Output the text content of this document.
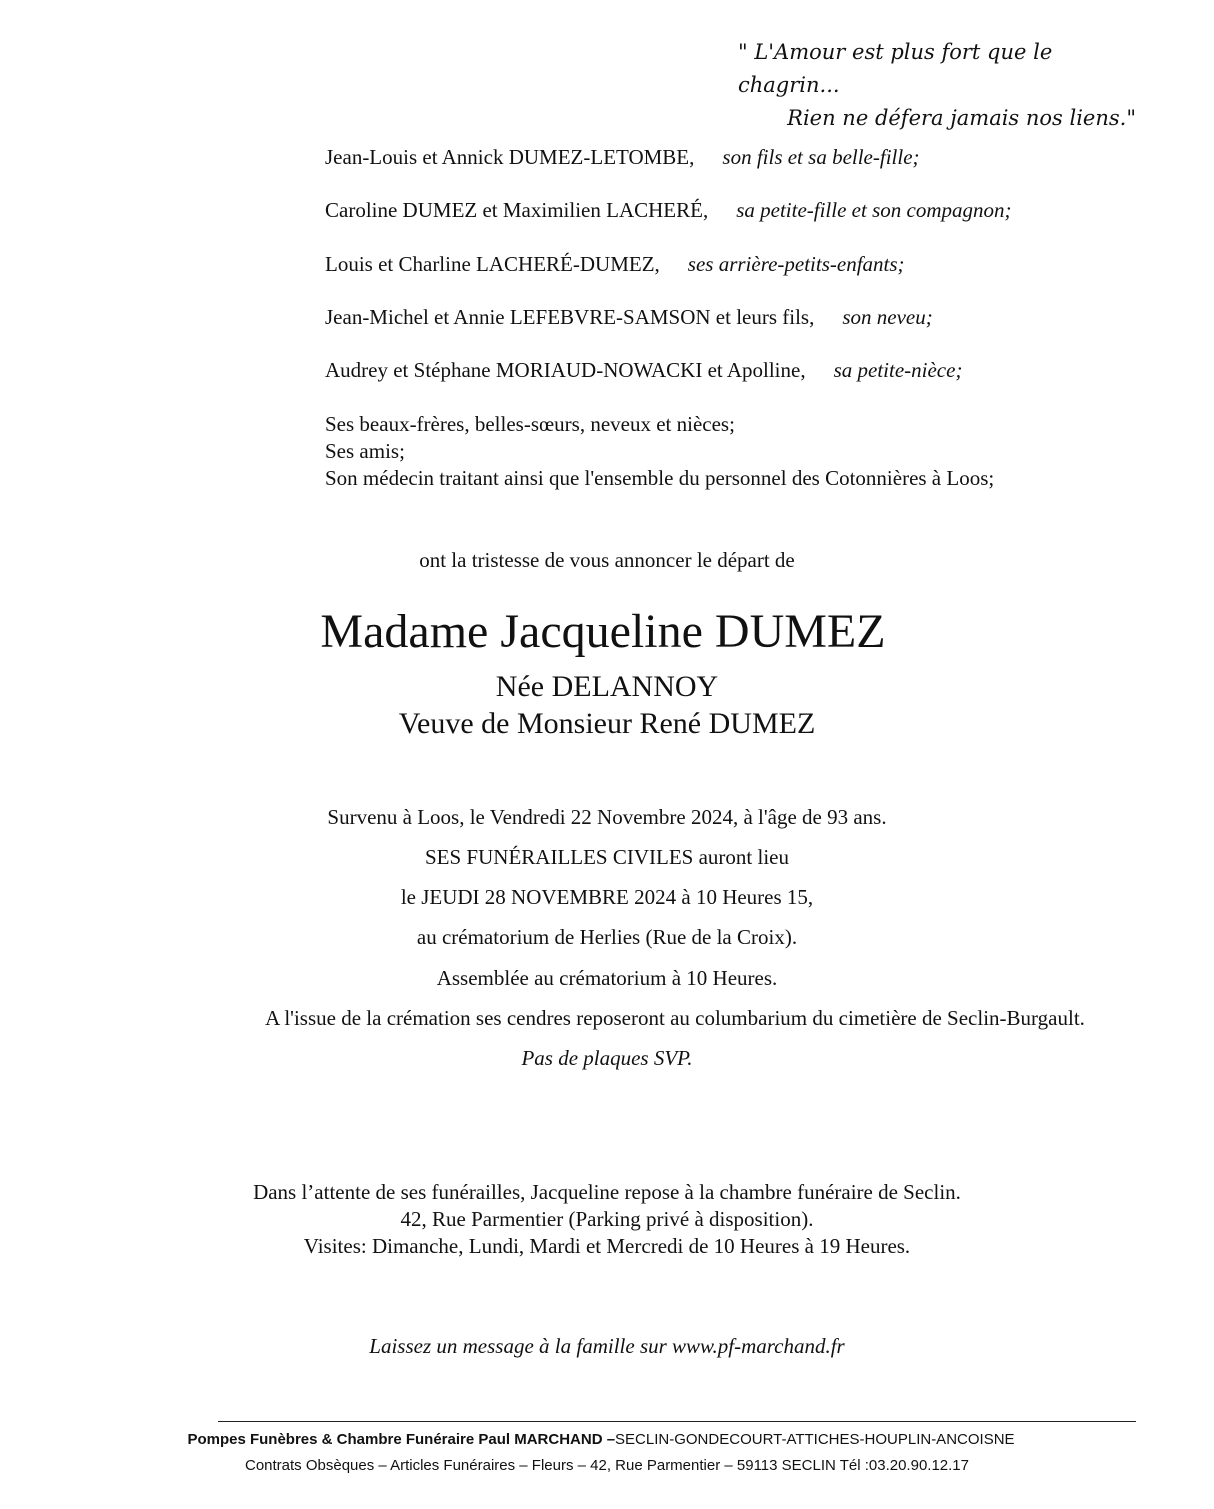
" L'Amour est plus fort que le chagrin...
Rien ne défera jamais nos liens."
Jean-Louis et Annick DUMEZ-LETOMBE, son fils et sa belle-fille;
Caroline DUMEZ et Maximilien LACHERÉ, sa petite-fille et son compagnon;
Louis et Charline LACHERÉ-DUMEZ, ses arrière-petits-enfants;
Jean-Michel et Annie LEFEBVRE-SAMSON et leurs fils, son neveu;
Audrey et Stéphane MORIAUD-NOWACKI et Apolline, sa petite-nièce;
Ses beaux-frères, belles-sœurs, neveux et nièces;
Ses amis;
Son médecin traitant ainsi que l'ensemble du personnel des Cotonnières à Loos;
ont la tristesse de vous annoncer le départ de
Madame Jacqueline DUMEZ
Née DELANNOY
Veuve de Monsieur René DUMEZ
Survenu à Loos, le Vendredi 22 Novembre 2024, à l'âge de 93 ans.
SES FUNÉRAILLES CIVILES auront lieu
le JEUDI 28 NOVEMBRE 2024 à 10 Heures 15,
au crématorium de Herlies (Rue de la Croix).
Assemblée au crématorium à 10 Heures.
A l'issue de la crémation ses cendres reposeront au columbarium du cimetière de Seclin-Burgault.
Pas de plaques SVP.
Dans l’attente de ses funérailles, Jacqueline repose à la chambre funéraire de Seclin.
42, Rue Parmentier (Parking privé à disposition).
Visites: Dimanche, Lundi, Mardi et Mercredi de 10 Heures à 19 Heures.
Laissez un message à la famille sur www.pf-marchand.fr
Pompes Funèbres & Chambre Funéraire Paul MARCHAND –SECLIN-GONDECOURT-ATTICHES-HOUPLIN-ANCOISNE
Contrats Obsèques – Articles Funéraires – Fleurs – 42, Rue Parmentier – 59113 SECLIN Tél :03.20.90.12.17
